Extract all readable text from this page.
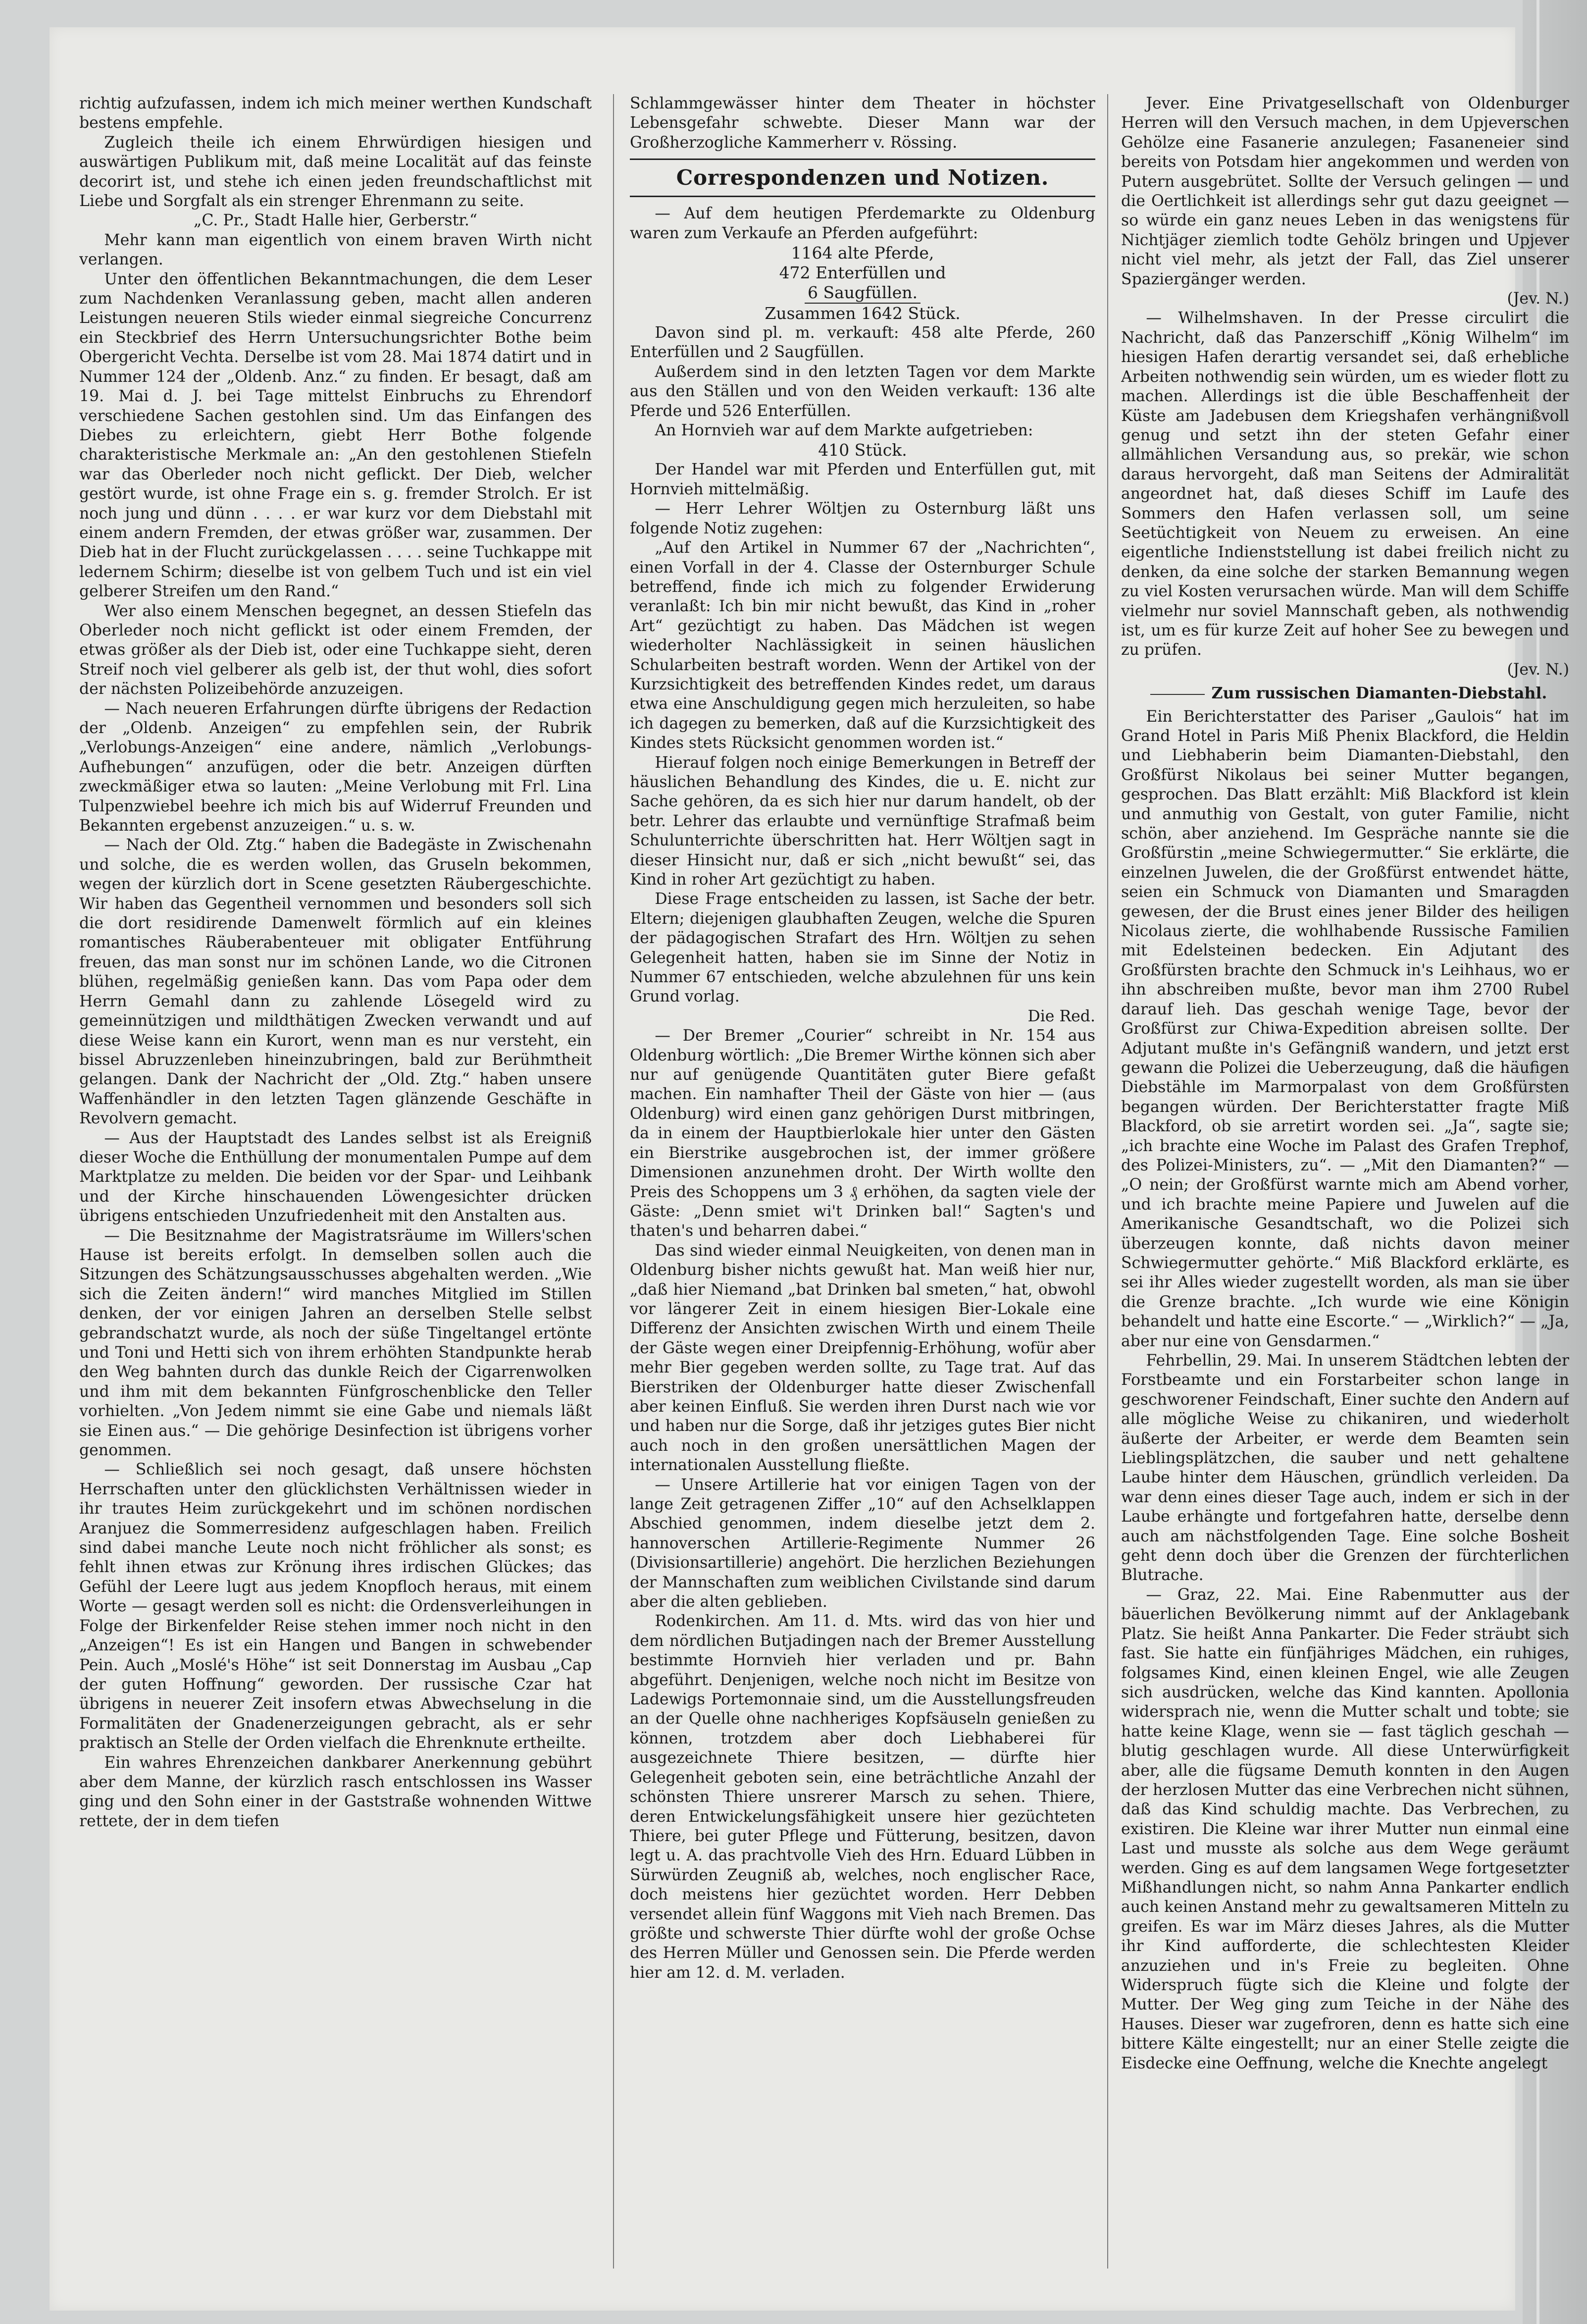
richtig aufzufassen, indem ich mich meiner werthen Kundschaft bestens empfehle.

Zugleich theile ich einem Ehrwürdigen hiesigen und auswärtigen Publikum mit, daß meine Localität auf das feinste decorirt ist, und stehe ich einen jeden freundschaftlichst mit Liebe und Sorgfalt als ein strenger Ehrenmann zu seite.

„C. Pr., Stadt Halle hier, Gerberstr.“

Mehr kann man eigentlich von einem braven Wirth nicht verlangen.

Unter den öffentlichen Bekanntmachungen, die dem Leser zum Nachdenken Veranlassung geben, macht allen anderen Leistungen neueren Stils wieder einmal siegreiche Concurrenz ein Steckbrief des Herrn Untersuchungsrichter Bothe beim Obergericht Vechta. Derselbe ist vom 28. Mai 1874 datirt und in Nummer 124 der „Oldenb. Anz.“ zu finden. Er besagt, daß am 19. Mai d. J. bei Tage mittelst Einbruchs zu Ehrendorf verschiedene Sachen gestohlen sind. Um das Einfangen des Diebes zu erleichtern, giebt Herr Bothe folgende charakteristische Merkmale an: „An den gestohlenen Stiefeln war das Oberleder noch nicht geflickt. Der Dieb, welcher gestört wurde, ist ohne Frage ein s. g. fremder Strolch. Er ist noch jung und dünn . . . . er war kurz vor dem Diebstahl mit einem andern Fremden, der etwas größer war, zusammen. Der Dieb hat in der Flucht zurückgelassen . . . . seine Tuchkappe mit ledernem Schirm; dieselbe ist von gelbem Tuch und ist ein viel gelberer Streifen um den Rand.“

Wer also einem Menschen begegnet, an dessen Stiefeln das Oberleder noch nicht geflickt ist oder einem Fremden, der etwas größer als der Dieb ist, oder eine Tuchkappe sieht, deren Streif noch viel gelberer als gelb ist, der thut wohl, dies sofort der nächsten Polizeibehörde anzuzeigen.

— Nach neueren Erfahrungen dürfte übrigens der Redaction der „Oldenb. Anzeigen“ zu empfehlen sein, der Rubrik „Verlobungs-Anzeigen“ eine andere, nämlich „Verlobungs-Aufhebungen“ anzufügen, oder die betr. Anzeigen dürften zweckmäßiger etwa so lauten: „Meine Verlobung mit Frl. Lina Tulpenzwiebel beehre ich mich bis auf Widerruf Freunden und Bekannten ergebenst anzuzeigen.“ u. s. w.

— Nach der Old. Ztg.“ haben die Badegäste in Zwischenahn und solche, die es werden wollen, das Gruseln bekommen, wegen der kürzlich dort in Scene gesetzten Räubergeschichte. Wir haben das Gegentheil vernommen und besonders soll sich die dort residirende Damenwelt förmlich auf ein kleines romantisches Räuberabenteuer mit obligater Entführung freuen, das man sonst nur im schönen Lande, wo die Citronen blühen, regelmäßig genießen kann. Das vom Papa oder dem Herrn Gemahl dann zu zahlende Lösegeld wird zu gemeinnützigen und mildthätigen Zwecken verwandt und auf diese Weise kann ein Kurort, wenn man es nur versteht, ein bissel Abruzzenleben hineinzubringen, bald zur Berühmtheit gelangen. Dank der Nachricht der „Old. Ztg.“ haben unsere Waffenhändler in den letzten Tagen glänzende Geschäfte in Revolvern gemacht.

— Aus der Hauptstadt des Landes selbst ist als Ereigniß dieser Woche die Enthüllung der monumentalen Pumpe auf dem Marktplatze zu melden. Die beiden vor der Spar- und Leihbank und der Kirche hinschauenden Löwengesichter drücken übrigens entschieden Unzufriedenheit mit den Anstalten aus.

— Die Besitznahme der Magistratsräume im Willers'schen Hause ist bereits erfolgt. In demselben sollen auch die Sitzungen des Schätzungsausschusses abgehalten werden. „Wie sich die Zeiten ändern!“ wird manches Mitglied im Stillen denken, der vor einigen Jahren an derselben Stelle selbst gebrandschatzt wurde, als noch der süße Tingeltangel ertönte und Toni und Hetti sich von ihrem erhöhten Standpunkte herab den Weg bahnten durch das dunkle Reich der Cigarrenwolken und ihm mit dem bekannten Fünfgroschenblicke den Teller vorhielten. „Von Jedem nimmt sie eine Gabe und niemals läßt sie Einen aus.“ — Die gehörige Desinfection ist übrigens vorher genommen.

— Schließlich sei noch gesagt, daß unsere höchsten Herrschaften unter den glücklichsten Verhältnissen wieder in ihr trautes Heim zurückgekehrt und im schönen nordischen Aranjuez die Sommerresidenz aufgeschlagen haben. Freilich sind dabei manche Leute noch nicht fröhlicher als sonst; es fehlt ihnen etwas zur Krönung ihres irdischen Glückes; das Gefühl der Leere lugt aus jedem Knopfloch heraus, mit einem Worte — gesagt werden soll es nicht: die Ordensverleihungen in Folge der Birkenfelder Reise stehen immer noch nicht in den „Anzeigen“! Es ist ein Hangen und Bangen in schwebender Pein. Auch „Moslé's Höhe“ ist seit Donnerstag im Ausbau „Cap der guten Hoffnung“ geworden. Der russische Czar hat übrigens in neuerer Zeit insofern etwas Abwechselung in die Formalitäten der Gnadenerzeigungen gebracht, als er sehr praktisch an Stelle der Orden vielfach die Ehrenknute ertheilte.

Ein wahres Ehrenzeichen dankbarer Anerkennung gebührt aber dem Manne, der kürzlich rasch entschlossen ins Wasser ging und den Sohn einer in der Gaststraße wohnenden Wittwe rettete, der in dem tiefen

Schlammgewässer hinter dem Theater in höchster Lebensgefahr schwebte. Dieser Mann war der Großherzogliche Kammerherr v. Rössing.

Correspondenzen und Notizen.

— Auf dem heutigen Pferdemarkte zu Oldenburg waren zum Verkaufe an Pferden aufgeführt:

1164 alte Pferde,

472 Enterfüllen und

6 Saugfüllen.

Zusammen 1642 Stück.

Davon sind pl. m. verkauft: 458 alte Pferde, 260 Enterfüllen und 2 Saugfüllen.

Außerdem sind in den letzten Tagen vor dem Markte aus den Ställen und von den Weiden verkauft: 136 alte Pferde und 526 Enterfüllen.

An Hornvieh war auf dem Markte aufgetrieben:

410 Stück.

Der Handel war mit Pferden und Enterfüllen gut, mit Hornvieh mittelmäßig.

— Herr Lehrer Wöltjen zu Osternburg läßt uns folgende Notiz zugehen:

„Auf den Artikel in Nummer 67 der „Nachrichten“, einen Vorfall in der 4. Classe der Osternburger Schule betreffend, finde ich mich zu folgender Erwiderung veranlaßt: Ich bin mir nicht bewußt, das Kind in „roher Art“ gezüchtigt zu haben. Das Mädchen ist wegen wiederholter Nachlässigkeit in seinen häuslichen Schularbeiten bestraft worden. Wenn der Artikel von der Kurzsichtigkeit des betreffenden Kindes redet, um daraus etwa eine Anschuldigung gegen mich herzuleiten, so habe ich dagegen zu bemerken, daß auf die Kurzsichtigkeit des Kindes stets Rücksicht genommen worden ist.“

Hierauf folgen noch einige Bemerkungen in Betreff der häuslichen Behandlung des Kindes, die u. E. nicht zur Sache gehören, da es sich hier nur darum handelt, ob der betr. Lehrer das erlaubte und vernünftige Strafmaß beim Schulunterrichte überschritten hat. Herr Wöltjen sagt in dieser Hinsicht nur, daß er sich „nicht bewußt“ sei, das Kind in roher Art gezüchtigt zu haben.

Diese Frage entscheiden zu lassen, ist Sache der betr. Eltern; diejenigen glaubhaften Zeugen, welche die Spuren der pädagogischen Strafart des Hrn. Wöltjen zu sehen Gelegenheit hatten, haben sie im Sinne der Notiz in Nummer 67 entschieden, welche abzulehnen für uns kein Grund vorlag.

Die Red.

— Der Bremer „Courier“ schreibt in Nr. 154 aus Oldenburg wörtlich: „Die Bremer Wirthe können sich aber nur auf genügende Quantitäten guter Biere gefaßt machen. Ein namhafter Theil der Gäste von hier — (aus Oldenburg) wird einen ganz gehörigen Durst mitbringen, da in einem der Hauptbierlokale hier unter den Gästen ein Bierstrike ausgebrochen ist, der immer größere Dimensionen anzunehmen droht. Der Wirth wollte den Preis des Schoppens um 3 ₰ erhöhen, da sagten viele der Gäste: „Denn smiet wi't Drinken bal!“ Sagten's und thaten's und beharren dabei.“

Das sind wieder einmal Neuigkeiten, von denen man in Oldenburg bisher nichts gewußt hat. Man weiß hier nur, „daß hier Niemand „bat Drinken bal smeten,“ hat, obwohl vor längerer Zeit in einem hiesigen Bier-Lokale eine Differenz der Ansichten zwischen Wirth und einem Theile der Gäste wegen einer Dreipfennig-Erhöhung, wofür aber mehr Bier gegeben werden sollte, zu Tage trat. Auf das Bierstriken der Oldenburger hatte dieser Zwischenfall aber keinen Einfluß. Sie werden ihren Durst nach wie vor und haben nur die Sorge, daß ihr jetziges gutes Bier nicht auch noch in den großen unersättlichen Magen der internationalen Ausstellung fließte.

— Unsere Artillerie hat vor einigen Tagen von der lange Zeit getragenen Ziffer „10“ auf den Achselklappen Abschied genommen, indem dieselbe jetzt dem 2. hannoverschen Artillerie-Regimente Nummer 26 (Divisionsartillerie) angehört. Die herzlichen Beziehungen der Mannschaften zum weiblichen Civilstande sind darum aber die alten geblieben.

Rodenkirchen. Am 11. d. Mts. wird das von hier und dem nördlichen Butjadingen nach der Bremer Ausstellung bestimmte Hornvieh hier verladen und pr. Bahn abgeführt. Denjenigen, welche noch nicht im Besitze von Ladewigs Portemonnaie sind, um die Ausstellungsfreuden an der Quelle ohne nachheriges Kopfsäuseln genießen zu können, trotzdem aber doch Liebhaberei für ausgezeichnete Thiere besitzen, — dürfte hier Gelegenheit geboten sein, eine beträchtliche Anzahl der schönsten Thiere unsrerer Marsch zu sehen. Thiere, deren Entwickelungsfähigkeit unsere hier gezüchteten Thiere, bei guter Pflege und Fütterung, besitzen, davon legt u. A. das prachtvolle Vieh des Hrn. Eduard Lübben in Sürwürden Zeugniß ab, welches, noch englischer Race, doch meistens hier gezüchtet worden. Herr Debben versendet allein fünf Waggons mit Vieh nach Bremen. Das größte und schwerste Thier dürfte wohl der große Ochse des Herren Müller und Genossen sein. Die Pferde werden hier am 12. d. M. verladen.

Jever. Eine Privatgesellschaft von Oldenburger Herren will den Versuch machen, in dem Upjeverschen Gehölze eine Fasanerie anzulegen; Fasaneneier sind bereits von Potsdam hier angekommen und werden von Putern ausgebrütet. Sollte der Versuch gelingen — und die Oertlichkeit ist allerdings sehr gut dazu geeignet — so würde ein ganz neues Leben in das wenigstens für Nichtjäger ziemlich todte Gehölz bringen und Upjever nicht viel mehr, als jetzt der Fall, das Ziel unserer Spaziergänger werden.

(Jev. N.)

— Wilhelmshaven. In der Presse circulirt die Nachricht, daß das Panzerschiff „König Wilhelm“ im hiesigen Hafen derartig versandet sei, daß erhebliche Arbeiten nothwendig sein würden, um es wieder flott zu machen. Allerdings ist die üble Beschaffenheit der Küste am Jadebusen dem Kriegshafen verhängnißvoll genug und setzt ihn der steten Gefahr einer allmählichen Versandung aus, so prekär, wie schon daraus hervorgeht, daß man Seitens der Admiralität angeordnet hat, daß dieses Schiff im Laufe des Sommers den Hafen verlassen soll, um seine Seetüchtigkeit von Neuem zu erweisen. An eine eigentliche Indienststellung ist dabei freilich nicht zu denken, da eine solche der starken Bemannung wegen zu viel Kosten verursachen würde. Man will dem Schiffe vielmehr nur soviel Mannschaft geben, als nothwendig ist, um es für kurze Zeit auf hoher See zu bewegen und zu prüfen.

(Jev. N.)

Zum russischen Diamanten-Diebstahl.

Ein Berichterstatter des Pariser „Gaulois“ hat im Grand Hotel in Paris Miß Phenix Blackford, die Heldin und Liebhaberin beim Diamanten-Diebstahl, den Großfürst Nikolaus bei seiner Mutter begangen, gesprochen. Das Blatt erzählt: Miß Blackford ist klein und anmuthig von Gestalt, von guter Familie, nicht schön, aber anziehend. Im Gespräche nannte sie die Großfürstin „meine Schwiegermutter.“ Sie erklärte, die einzelnen Juwelen, die der Großfürst entwendet hätte, seien ein Schmuck von Diamanten und Smaragden gewesen, der die Brust eines jener Bilder des heiligen Nicolaus zierte, die wohlhabende Russische Familien mit Edelsteinen bedecken. Ein Adjutant des Großfürsten brachte den Schmuck in's Leihhaus, wo er ihn abschreiben mußte, bevor man ihm 2700 Rubel darauf lieh. Das geschah wenige Tage, bevor der Großfürst zur Chiwa-Expedition abreisen sollte. Der Adjutant mußte in's Gefängniß wandern, und jetzt erst gewann die Polizei die Ueberzeugung, daß die häufigen Diebstähle im Marmorpalast von dem Großfürsten begangen würden. Der Berichterstatter fragte Miß Blackford, ob sie arretirt worden sei. „Ja“, sagte sie; „ich brachte eine Woche im Palast des Grafen Trephof, des Polizei-Ministers, zu“. — „Mit den Diamanten?“ — „O nein; der Großfürst warnte mich am Abend vorher, und ich brachte meine Papiere und Juwelen auf die Amerikanische Gesandtschaft, wo die Polizei sich überzeugen konnte, daß nichts davon meiner Schwiegermutter gehörte.“ Miß Blackford erklärte, es sei ihr Alles wieder zugestellt worden, als man sie über die Grenze brachte. „Ich wurde wie eine Königin behandelt und hatte eine Escorte.“ — „Wirklich?“ — „Ja, aber nur eine von Gensdarmen.“

Fehrbellin, 29. Mai. In unserem Städtchen lebten der Forstbeamte und ein Forstarbeiter schon lange in geschworener Feindschaft, Einer suchte den Andern auf alle mögliche Weise zu chikaniren, und wiederholt äußerte der Arbeiter, er werde dem Beamten sein Lieblingsplätzchen, die sauber und nett gehaltene Laube hinter dem Häuschen, gründlich verleiden. Da war denn eines dieser Tage auch, indem er sich in der Laube erhängte und fortgefahren hatte, derselbe denn auch am nächstfolgenden Tage. Eine solche Bosheit geht denn doch über die Grenzen der fürchterlichen Blutrache.

— Graz, 22. Mai. Eine Rabenmutter aus der bäuerlichen Bevölkerung nimmt auf der Anklagebank Platz. Sie heißt Anna Pankarter. Die Feder sträubt sich fast. Sie hatte ein fünfjähriges Mädchen, ein ruhiges, folgsames Kind, einen kleinen Engel, wie alle Zeugen sich ausdrücken, welche das Kind kannten. Apollonia widersprach nie, wenn die Mutter schalt und tobte; sie hatte keine Klage, wenn sie — fast täglich geschah — blutig geschlagen wurde. All diese Unterwürfigkeit aber, alle die fügsame Demuth konnten in den Augen der herzlosen Mutter das eine Verbrechen nicht sühnen, daß das Kind schuldig machte. Das Verbrechen, zu existiren. Die Kleine war ihrer Mutter nun einmal eine Last und musste als solche aus dem Wege geräumt werden. Ging es auf dem langsamen Wege fortgesetzter Mißhandlungen nicht, so nahm Anna Pankarter endlich auch keinen Anstand mehr zu gewaltsameren Mitteln zu greifen. Es war im März dieses Jahres, als die Mutter ihr Kind aufforderte, die schlechtesten Kleider anzuziehen und in's Freie zu begleiten. Ohne Widerspruch fügte sich die Kleine und folgte der Mutter. Der Weg ging zum Teiche in der Nähe des Hauses. Dieser war zugefroren, denn es hatte sich eine bittere Kälte eingestellt; nur an einer Stelle zeigte die Eisdecke eine Oeffnung, welche die Knechte angelegt
